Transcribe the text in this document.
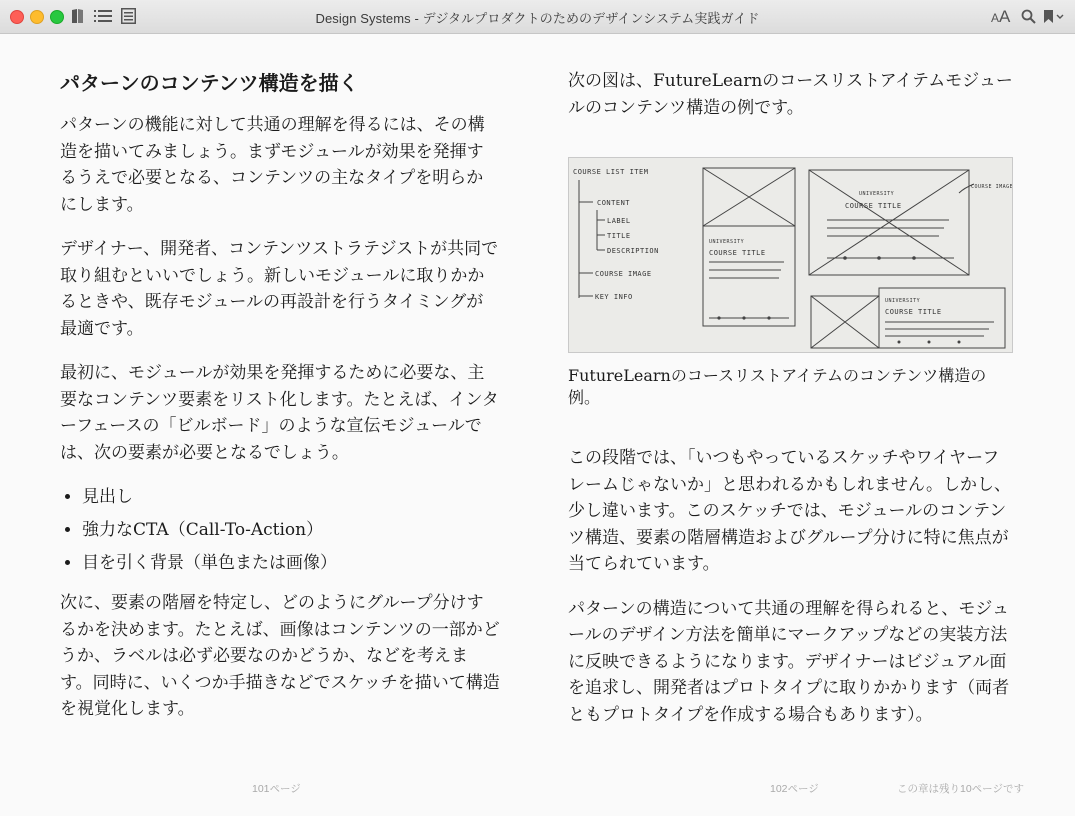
Design Systems - デジタルプロダクトのためのデザインシステム実践ガイド	AA
パターンのコンテンツ構造を描く

パターンの機能に対して共通の理解を得るには、その構造を描いてみましょう。まずモジュールが効果を発揮するうえで必要となる、コンテンツの主なタイプを明らかにします。

デザイナー、開発者、コンテンツストラテジストが共同で取り組むといいでしょう。新しいモジュールに取りかかるときや、既存モジュールの再設計を行うタイミングが最適です。

最初に、モジュールが効果を発揮するために必要な、主要なコンテンツ要素をリスト化します。たとえば、インターフェースの「ビルボード」のような宣伝モジュールでは、次の要素が必要となるでしょう。

• 見出し
• 強力なCTA（Call-To-Action）
• 目を引く背景（単色または画像）

次に、要素の階層を特定し、どのようにグループ分けするかを決めます。たとえば、画像はコンテンツの一部かどうか、ラベルは必ず必要なのかどうか、などを考えます。同時に、いくつか手描きなどでスケッチを描いて構造を視覚化します。

101ページ

次の図は、FutureLearnのコースリストアイテムモジュールのコンテンツ構造の例です。

COURSE LIST ITEM
CONTENT
LABEL
TITLE
DESCRIPTION
COURSE IMAGE
KEY INFO
UNIVERSITY
COURSE TITLE
UNIVERSITY
COURSE TITLE
COURSE IMAGE
UNIVERSITY
COURSE TITLE
FutureLearnのコースリストアイテムのコンテンツ構造の例。

この段階では、「いつもやっているスケッチやワイヤーフレームじゃないか」と思われるかもしれません。しかし、少し違います。このスケッチでは、モジュールのコンテンツ構造、要素の階層構造およびグループ分けに特に焦点が当てられています。

パターンの構造について共通の理解を得られると、モジュールのデザイン方法を簡単にマークアップなどの実装方法に反映できるようになります。デザイナーはビジュアル面を追求し、開発者はプロトタイプに取りかかります（両者ともプロトタイプを作成する場合もあります）。

102ページ	この章は残り10ページです
